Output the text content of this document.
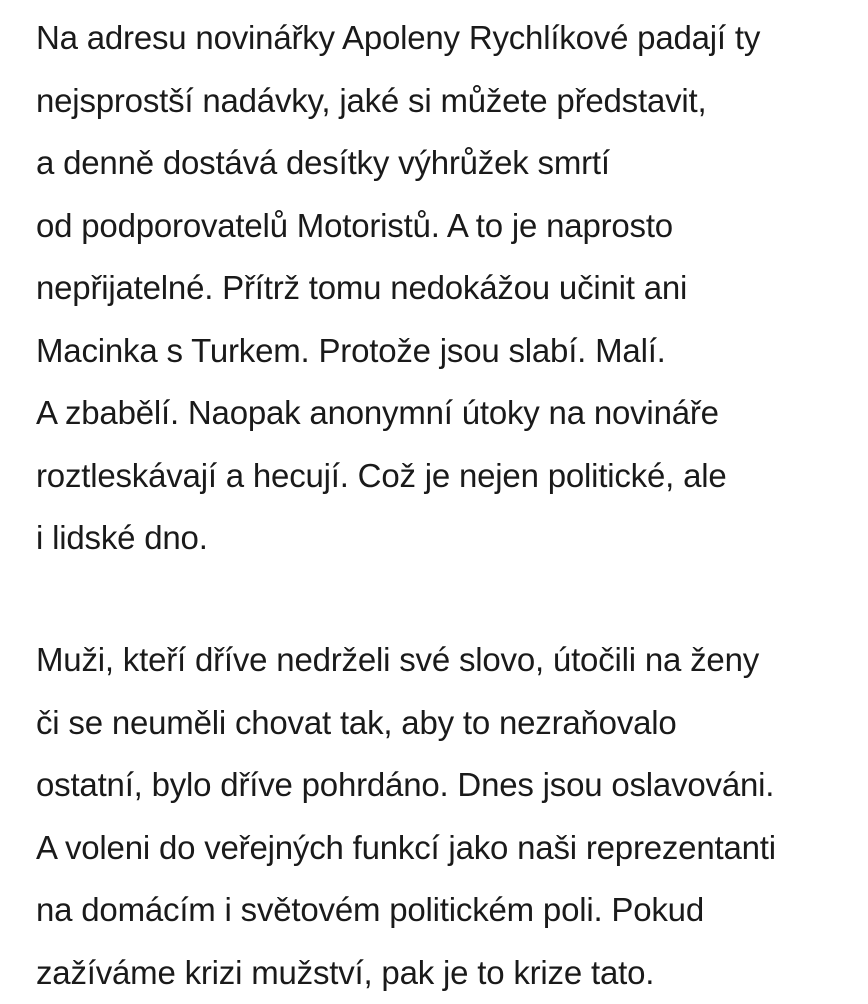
Na adresu novinářky Apoleny Rychlíkové padají ty
nejsprostší nadávky, jaké si můžete představit,
a denně dostává desítky výhrůžek smrtí
od podporovatelů Motoristů. A to je naprosto
nepřijatelné. Přítrž tomu nedokážou učinit ani
Macinka s Turkem. Protože jsou slabí. Malí.
A zbabělí. Naopak anonymní útoky na novináře
roztleskávají a hecují. Což je nejen politické, ale
i lidské dno.

Muži, kteří dříve nedrželi své slovo, útočili na ženy
či se neuměli chovat tak, aby to nezraňovalo
ostatní, bylo dříve pohrdáno. Dnes jsou oslavováni.
A voleni do veřejných funkcí jako naši reprezentanti
na domácím i světovém politickém poli. Pokud
zažíváme krizi mužství, pak je to krize tato.
